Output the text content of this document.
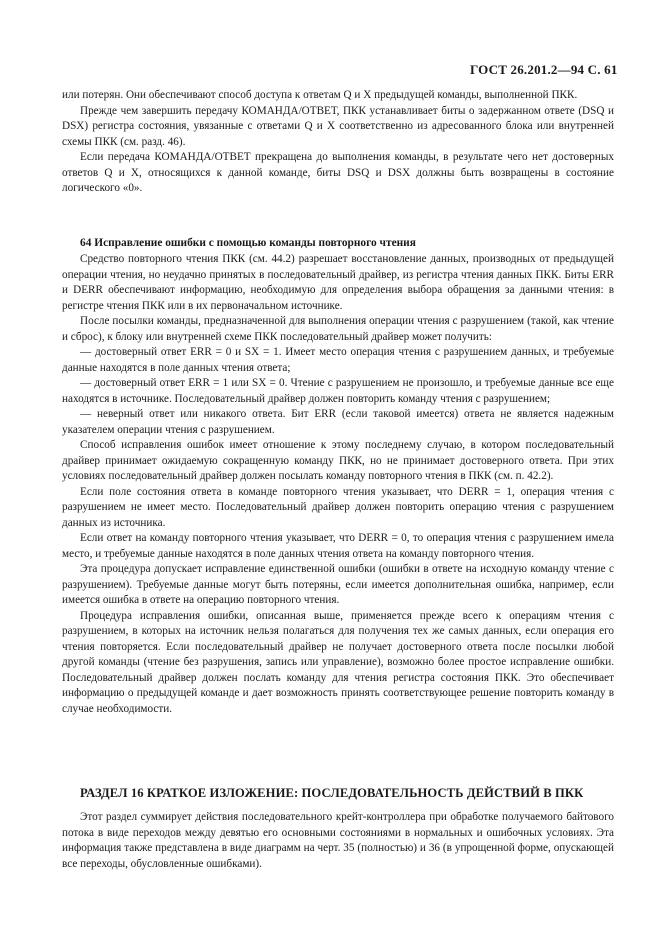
ГОСТ 26.201.2—94 С. 61

или потерян. Они обеспечивают способ доступа к ответам Q и X предыдущей команды, выполненной ПКК.

Прежде чем завершить передачу КОМАНДА/ОТВЕТ, ПКК устанавливает биты о задержанном ответе (DSQ и DSX) регистра состояния, увязанные с ответами Q и X соответственно из адресованного блока или внутренней схемы ПКК (см. разд. 46).

Если передача КОМАНДА/ОТВЕТ прекращена до выполнения команды, в результате чего нет достоверных ответов Q и X, относящихся к данной команде, биты DSQ и DSX должны быть возвращены в состояние логического «0».

64 Исправление ошибки с помощью команды повторного чтения

Средство повторного чтения ПКК (см. 44.2) разрешает восстановление данных, производных от предыдущей операции чтения, но неудачно принятых в последовательный драйвер, из регистра чтения данных ПКК. Биты ERR и DERR обеспечивают информацию, необходимую для определения выбора обращения за данными чтения: в регистре чтения ПКК или в их первоначальном источнике.

После посылки команды, предназначенной для выполнения операции чтения с разрушением (такой, как чтение и сброс), к блоку или внутренней схеме ПКК последовательный драйвер может получить:

— достоверный ответ ERR = 0 и SX = 1. Имеет место операция чтения с разрушением данных, и требуемые данные находятся в поле данных чтения ответа;

— достоверный ответ ERR = 1 или SX = 0. Чтение с разрушением не произошло, и требуемые данные все еще находятся в источнике. Последовательный драйвер должен повторить команду чтения с разрушением;

— неверный ответ или никакого ответа. Бит ERR (если таковой имеется) ответа не является надежным указателем операции чтения с разрушением.

Способ исправления ошибок имеет отношение к этому последнему случаю, в котором последовательный драйвер принимает ожидаемую сокращенную команду ПКК, но не принимает достоверного ответа. При этих условиях последовательный драйвер должен посылать команду повторного чтения в ПКК (см. п. 42.2).

Если поле состояния ответа в команде повторного чтения указывает, что DERR = 1, операция чтения с разрушением не имеет место. Последовательный драйвер должен повторить операцию чтения с разрушением данных из источника.

Если ответ на команду повторного чтения указывает, что DERR = 0, то операция чтения с разрушением имела место, и требуемые данные находятся в поле данных чтения ответа на команду повторного чтения.

Эта процедура допускает исправление единственной ошибки (ошибки в ответе на исходную команду чтение с разрушением). Требуемые данные могут быть потеряны, если имеется дополнительная ошибка, например, если имеется ошибка в ответе на операцию повторного чтения.

Процедура исправления ошибки, описанная выше, применяется прежде всего к операциям чтения с разрушением, в которых на источник нельзя полагаться для получения тех же самых данных, если операция его чтения повторяется. Если последовательный драйвер не получает достоверного ответа после посылки любой другой команды (чтение без разрушения, запись или управление), возможно более простое исправление ошибки. Последовательный драйвер должен послать команду для чтения регистра состояния ПКК. Это обеспечивает информацию о предыдущей команде и дает возможность принять соответствующее решение повторить команду в случае необходимости.

РАЗДЕЛ 16 КРАТКОЕ ИЗЛОЖЕНИЕ: ПОСЛЕДОВАТЕЛЬНОСТЬ ДЕЙСТВИЙ В ПКК

Этот раздел суммирует действия последовательного крейт-контроллера при обработке получаемого байтового потока в виде переходов между девятью его основными состояниями в нормальных и ошибочных условиях. Эта информация также представлена в виде диаграмм на черт. 35 (полностью) и 36 (в упрощенной форме, опускающей все переходы, обусловленные ошибками).
